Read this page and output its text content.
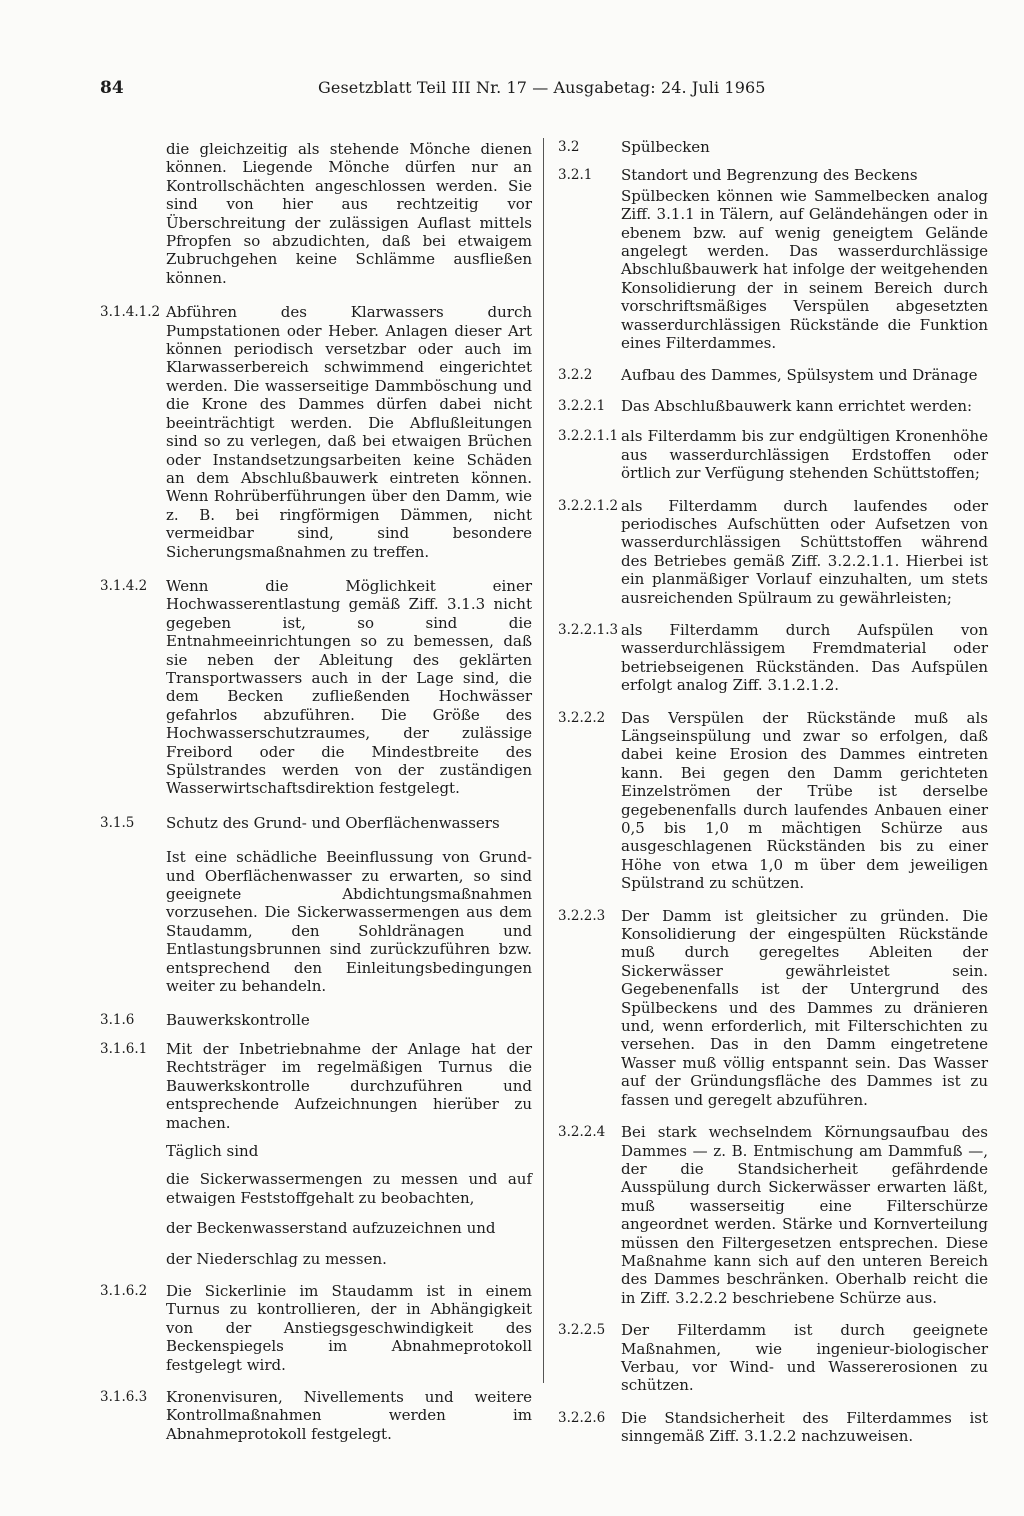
84	Gesetzblatt Teil III Nr. 17 — Ausgabetag: 24. Juli 1965
die gleichzeitig als stehende Mönche dienen können. Liegende Mönche dürfen nur an Kontrollschächten angeschlossen werden. Sie sind von hier aus rechtzeitig vor Überschreitung der zulässigen Auflast mittels Pfropfen so abzudichten, daß bei etwaigem Zubruchgehen keine Schlämme ausfließen können.
3.1.4.1.2 Abführen des Klarwassers durch Pumpstationen oder Heber. Anlagen dieser Art können periodisch versetzbar oder auch im Klarwasserbereich schwimmend eingerichtet werden. Die wasserseitige Dammböschung und die Krone des Dammes dürfen dabei nicht beeinträchtigt werden. Die Abflußleitungen sind so zu verlegen, daß bei etwaigen Brüchen oder Instandsetzungsarbeiten keine Schäden an dem Abschlußbauwerk eintreten können. Wenn Rohrüberführungen über den Damm, wie z. B. bei ringförmigen Dämmen, nicht vermeidbar sind, sind besondere Sicherungsmaßnahmen zu treffen.
3.1.4.2	Wenn die Möglichkeit einer Hochwasserentlastung gemäß Ziff. 3.1.3 nicht gegeben ist, so sind die Entnahmeeinrichtungen so zu bemessen, daß sie neben der Ableitung des geklärten Transportwassers auch in der Lage sind, die dem Becken zufließenden Hochwässer gefahrlos abzuführen. Die Größe des Hochwasserschutzraumes, der zulässige Freibord oder die Mindestbreite des Spülstrandes werden von der zuständigen Wasserwirtschaftsdirektion festgelegt.
3.1.5	Schutz des Grund- und Oberflächenwassers
Ist eine schädliche Beeinflussung von Grund- und Oberflächenwasser zu erwarten, so sind geeignete Abdichtungsmaßnahmen vorzusehen. Die Sickerwassermengen aus dem Staudamm, den Sohldränagen und Entlastungsbrunnen sind zurückzuführen bzw. entsprechend den Einleitungsbedingungen weiter zu behandeln.
3.1.6	Bauwerkskontrolle
3.1.6.1	Mit der Inbetriebnahme der Anlage hat der Rechtsträger im regelmäßigen Turnus die Bauwerkskontrolle durchzuführen und entsprechende Aufzeichnungen hierüber zu machen.
Täglich sind
die Sickerwassermengen zu messen und auf etwaigen Feststoffgehalt zu beobachten,
der Beckenwasserstand aufzuzeichnen und
der Niederschlag zu messen.
3.1.6.2	Die Sickerlinie im Staudamm ist in einem Turnus zu kontrollieren, der in Abhängigkeit von der Anstiegsgeschwindigkeit des Beckenspiegels im Abnahmeprotokoll festgelegt wird.
3.1.6.3	Kronenvisuren, Nivellements und weitere Kontrollmaßnahmen werden im Abnahmeprotokoll festgelegt.
3.2	Spülbecken
3.2.1	Standort und Begrenzung des Beckens
Spülbecken können wie Sammelbecken analog Ziff. 3.1.1 in Tälern, auf Geländehängen oder in ebenem bzw. auf wenig geneigtem Gelände angelegt werden. Das wasserdurchlässige Abschlußbauwerk hat infolge der weitgehenden Konsolidierung der in seinem Bereich durch vorschriftsmäßiges Verspülen abgesetzten wasserdurchlässigen Rückstände die Funktion eines Filterdammes.
3.2.2	Aufbau des Dammes, Spülsystem und Dränage
3.2.2.1	Das Abschlußbauwerk kann errichtet werden:
3.2.2.1.1 als Filterdamm bis zur endgültigen Kronenhöhe aus wasserdurchlässigen Erdstoffen oder örtlich zur Verfügung stehenden Schüttstoffen;
3.2.2.1.2 als Filterdamm durch laufendes oder periodisches Aufschütten oder Aufsetzen von wasserdurchlässigen Schüttstoffen während des Betriebes gemäß Ziff. 3.2.2.1.1. Hierbei ist ein planmäßiger Vorlauf einzuhalten, um stets ausreichenden Spülraum zu gewährleisten;
3.2.2.1.3 als Filterdamm durch Aufspülen von wasserdurchlässigem Fremdmaterial oder betriebseigenen Rückständen. Das Aufspülen erfolgt analog Ziff. 3.1.2.1.2.
3.2.2.2	Das Verspülen der Rückstände muß als Längseinspülung und zwar so erfolgen, daß dabei keine Erosion des Dammes eintreten kann. Bei gegen den Damm gerichteten Einzelströmen der Trübe ist derselbe gegebenenfalls durch laufendes Anbauen einer 0,5 bis 1,0 m mächtigen Schürze aus ausgeschlagenen Rückständen bis zu einer Höhe von etwa 1,0 m über dem jeweiligen Spülstrand zu schützen.
3.2.2.3	Der Damm ist gleitsicher zu gründen. Die Konsolidierung der eingespülten Rückstände muß durch geregeltes Ableiten der Sickerwässer gewährleistet sein. Gegebenenfalls ist der Untergrund des Spülbeckens und des Dammes zu dränieren und, wenn erforderlich, mit Filterschichten zu versehen. Das in den Damm eingetretene Wasser muß völlig entspannt sein. Das Wasser auf der Gründungsfläche des Dammes ist zu fassen und geregelt abzuführen.
3.2.2.4	Bei stark wechselndem Körnungsaufbau des Dammes — z. B. Entmischung am Dammfuß —, der die Standsicherheit gefährdende Ausspülung durch Sickerwässer erwarten läßt, muß wasserseitig eine Filterschürze angeordnet werden. Stärke und Kornverteilung müssen den Filtergesetzen entsprechen. Diese Maßnahme kann sich auf den unteren Bereich des Dammes beschränken. Oberhalb reicht die in Ziff. 3.2.2.2 beschriebene Schürze aus.
3.2.2.5	Der Filterdamm ist durch geeignete Maßnahmen, wie ingenieur-biologischer Verbau, vor Wind- und Wassererosionen zu schützen.
3.2.2.6	Die Standsicherheit des Filterdammes ist sinngemäß Ziff. 3.1.2.2 nachzuweisen.
